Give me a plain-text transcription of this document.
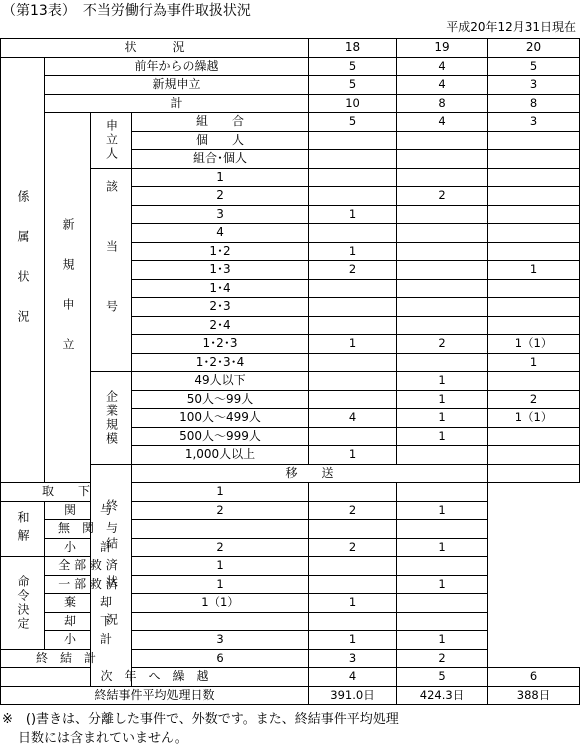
（第13表）　不当労働行為事件取扱状況
平成20年12月31日現在
状　　　況				18	19	20	
係属状況	前年からの繰越			5	4	5	
	新規申立			5	4	3	
	計			10	8	8	
	新規申立	申立人	組　　合	5	4	3	
			個　　人				
			組合･個人				
		該当号	1				
			2		2		
			3	1			
			4				
			1･2	1			
			1･3	2		1	
			1･4				
			2･3				
			2･4				
			1･2･3	1	2	1（1）	
			1･2･3･4			1	
		企業規模	49人以下		1		
			50人～99人		1	2	
			100人～499人	4	1	1（1）	
			500人～999人		1		
			1,000人以上	1			
		終結状況	移　　送				
取　　下			1				
和解	関　　与		2	2	1		
	無　関　与						
	小　　計		2	2	1		
命令決定	全 部 救 済		1				
	一 部 救 済		1		1		
	棄　　却		1（1）	1			
	却　　下						
	小　　計		3	1	1		
終　結　計			6	3	2		
次　年　へ　繰　越				4	5	6	
終結事件平均処理日数				391.0日	424.3日	388日	
※　()書きは、分離した事件で、外数です。また、終結事件平均処理
日数には含まれていません。
